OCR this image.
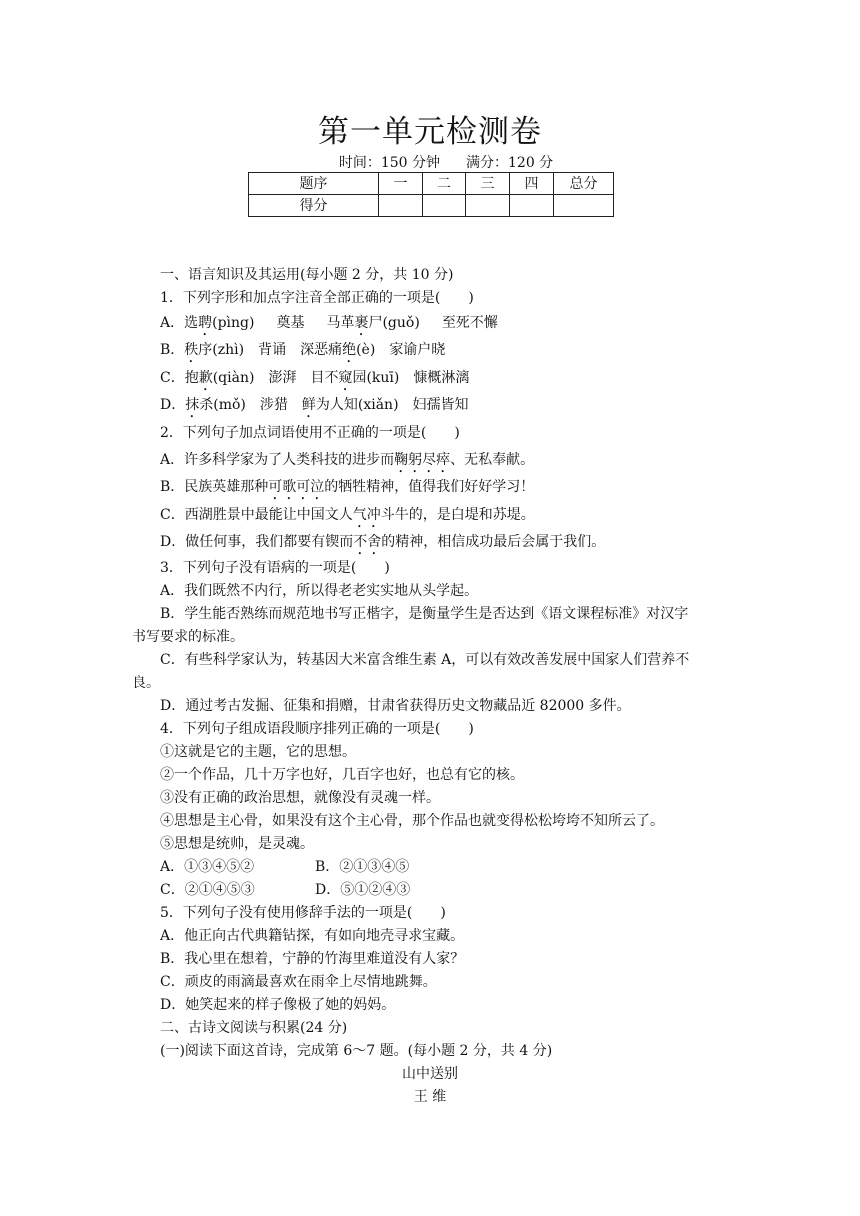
第一单元检测卷
时间：150 分钟 满分：120 分
题序	一	二	三	四	总分
得分					
一、语言知识及其运用(每小题 2 分，共 10 分)
1．下列字形和加点字注音全部正确的一项是(　　)
A．选聘(pìng) 奠基 马革裹尸(guǒ) 至死不懈
B．秩序(zhì) 背诵 深恶痛绝(è) 家谕户晓
C．抱歉(qiàn) 澎湃 目不窥园(kuī) 慷概淋漓
D．抹杀(mǒ) 涉猎 鲜为人知(xiǎn) 妇孺皆知
2．下列句子加点词语使用不正确的一项是(　　)
A．许多科学家为了人类科技的进步而鞠躬尽瘁、无私奉献。
B．民族英雄那种可歌可泣的牺牲精神，值得我们好好学习！
C．西湖胜景中最能让中国文人气冲斗牛的，是白堤和苏堤。
D．做任何事，我们都要有锲而不舍的精神，相信成功最后会属于我们。
3．下列句子没有语病的一项是(　　)
A．我们既然不内行，所以得老老实实地从头学起。
B．学生能否熟练而规范地书写正楷字，是衡量学生是否达到《语文课程标准》对汉字
书写要求的标准。
C．有些科学家认为，转基因大米富含维生素 A，可以有效改善发展中国家人们营养不
良。
D．通过考古发掘、征集和捐赠，甘肃省获得历史文物藏品近 82000 多件。
4．下列句子组成语段顺序排列正确的一项是(　　)
①这就是它的主题，它的思想。
②一个作品，几十万字也好，几百字也好，也总有它的核。
③没有正确的政治思想，就像没有灵魂一样。
④思想是主心骨，如果没有这个主心骨，那个作品也就变得松松垮垮不知所云了。
⑤思想是统帅，是灵魂。
A．①③④⑤②	B．②①③④⑤
C．②①④⑤③	D．⑤①②④③
5．下列句子没有使用修辞手法的一项是(　　)
A．他正向古代典籍钻探，有如向地壳寻求宝藏。
B．我心里在想着，宁静的竹海里难道没有人家？
C．顽皮的雨滴最喜欢在雨伞上尽情地跳舞。
D．她笑起来的样子像极了她的妈妈。
二、古诗文阅读与积累(24 分)
(一)阅读下面这首诗，完成第 6～7 题。(每小题 2 分，共 4 分)
山中送别
王 维
